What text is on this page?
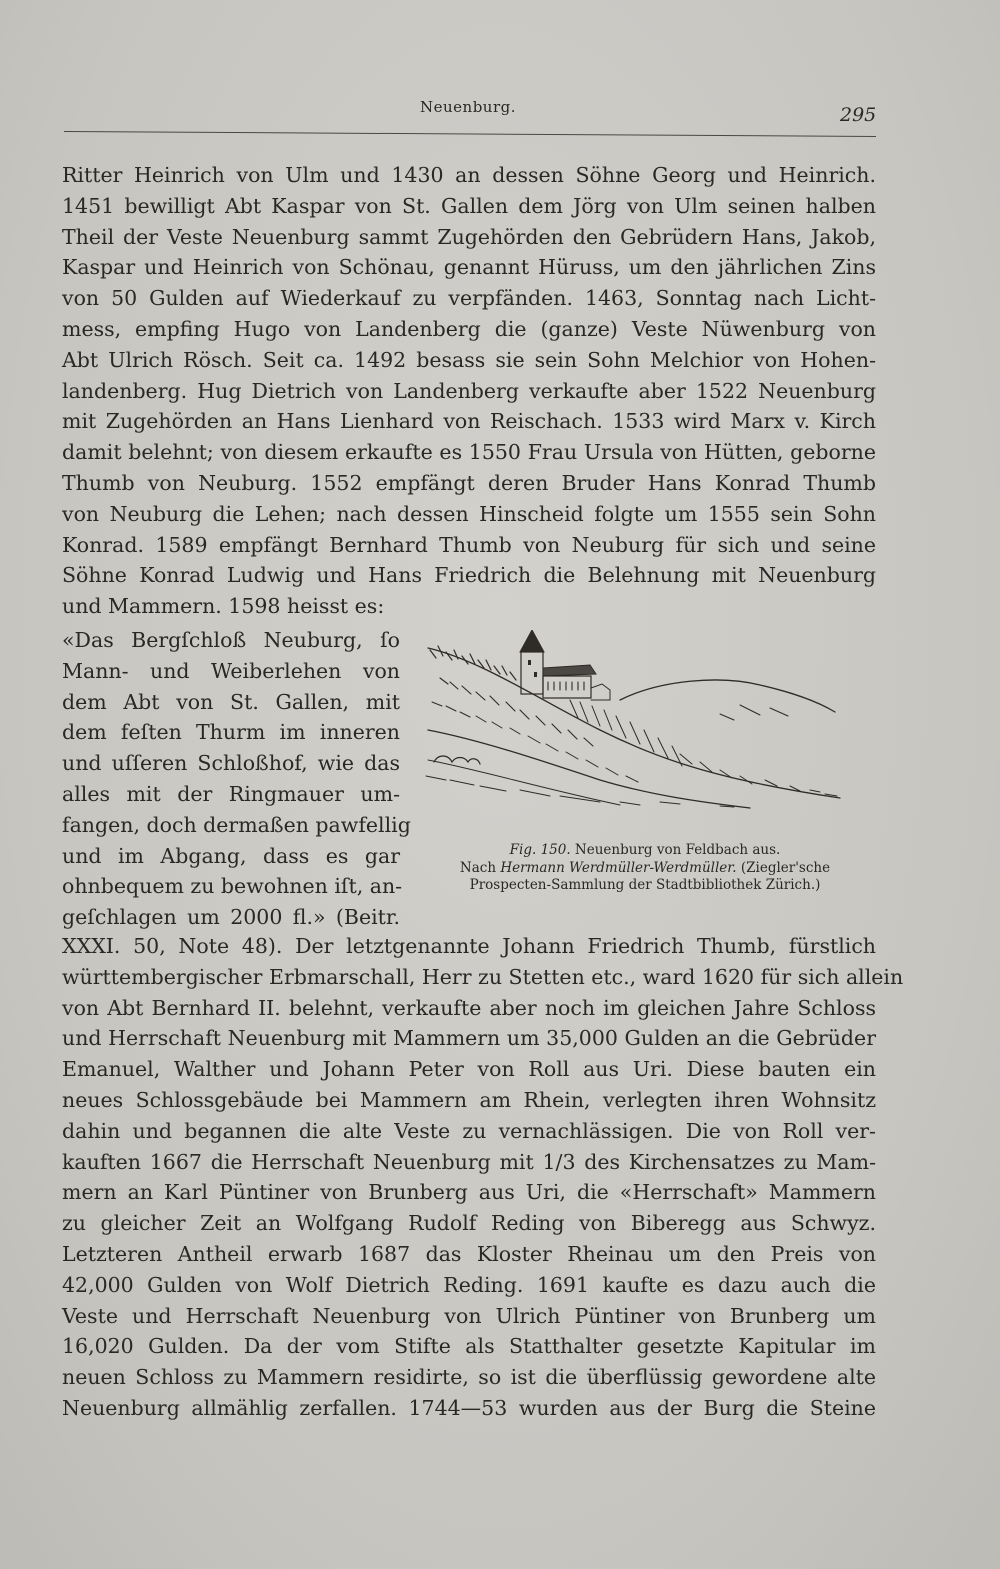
Neuenburg.	295
Ritter Heinrich von Ulm und 1430 an dessen Söhne Georg und Heinrich.
1451 bewilligt Abt Kaspar von St. Gallen dem Jörg von Ulm seinen halben
Theil der Veste Neuenburg sammt Zugehörden den Gebrüdern Hans, Jakob,
Kaspar und Heinrich von Schönau, genannt Hüruss, um den jährlichen Zins
von 50 Gulden auf Wiederkauf zu verpfänden. 1463, Sonntag nach Licht-
mess, empfing Hugo von Landenberg die (ganze) Veste Nüwenburg von
Abt Ulrich Rösch. Seit ca. 1492 besass sie sein Sohn Melchior von Hohen-
landenberg. Hug Dietrich von Landenberg verkaufte aber 1522 Neuenburg
mit Zugehörden an Hans Lienhard von Reischach. 1533 wird Marx v. Kirch
damit belehnt; von diesem erkaufte es 1550 Frau Ursula von Hütten, geborne
Thumb von Neuburg. 1552 empfängt deren Bruder Hans Konrad Thumb
von Neuburg die Lehen; nach dessen Hinscheid folgte um 1555 sein Sohn
Konrad. 1589 empfängt Bernhard Thumb von Neuburg für sich und seine
Söhne Konrad Ludwig und Hans Friedrich die Belehnung mit Neuenburg
und Mammern. 1598 heisst es:
«Das Bergſchloß Neuburg, ſo
Mann- und Weiberlehen von
dem Abt von St. Gallen, mit
dem feſten Thurm im inneren
und uſſeren Schloßhof, wie das
alles mit der Ringmauer um-
fangen, doch dermaßen pawfellig
und im Abgang, dass es gar
ohnbequem zu bewohnen iſt, an-
geſchlagen um 2000 fl.» (Beitr.
Fig. 150. Neuenburg von Feldbach aus.
Nach Hermann Werdmüller-Werdmüller. (Ziegler'sche
Prospecten-Sammlung der Stadtbibliothek Zürich.)
XXXI. 50, Note 48). Der letztgenannte Johann Friedrich Thumb, fürstlich
württembergischer Erbmarschall, Herr zu Stetten etc., ward 1620 für sich allein
von Abt Bernhard II. belehnt, verkaufte aber noch im gleichen Jahre Schloss
und Herrschaft Neuenburg mit Mammern um 35,000 Gulden an die Gebrüder
Emanuel, Walther und Johann Peter von Roll aus Uri. Diese bauten ein
neues Schlossgebäude bei Mammern am Rhein, verlegten ihren Wohnsitz
dahin und begannen die alte Veste zu vernachlässigen. Die von Roll ver-
kauften 1667 die Herrschaft Neuenburg mit 1/3 des Kirchensatzes zu Mam-
mern an Karl Püntiner von Brunberg aus Uri, die «Herrschaft» Mammern
zu gleicher Zeit an Wolfgang Rudolf Reding von Biberegg aus Schwyz.
Letzteren Antheil erwarb 1687 das Kloster Rheinau um den Preis von
42,000 Gulden von Wolf Dietrich Reding. 1691 kaufte es dazu auch die
Veste und Herrschaft Neuenburg von Ulrich Püntiner von Brunberg um
16,020 Gulden. Da der vom Stifte als Statthalter gesetzte Kapitular im
neuen Schloss zu Mammern residirte, so ist die überflüssig gewordene alte
Neuenburg allmählig zerfallen. 1744—53 wurden aus der Burg die Steine
